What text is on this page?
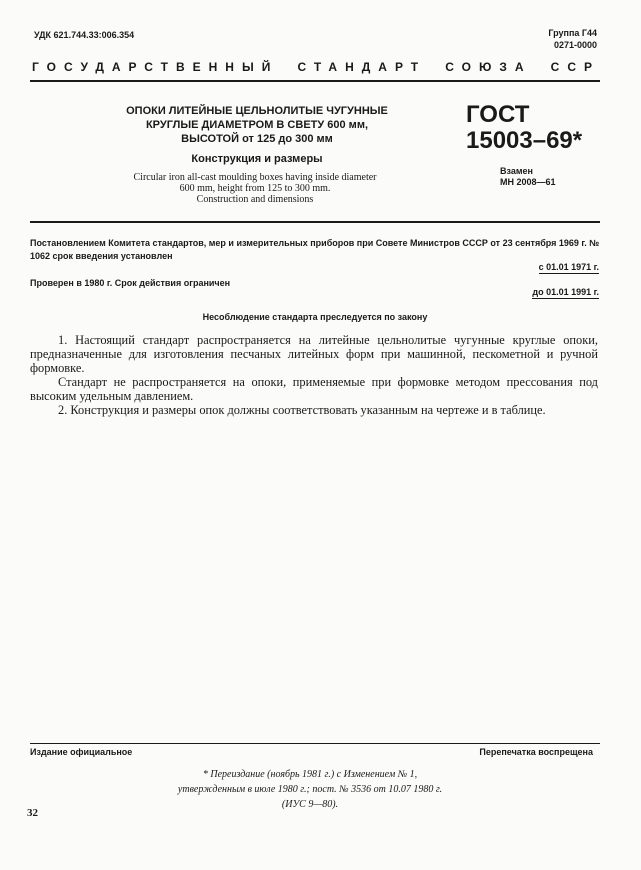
УДК 621.744.33:006.354	Группа Г44
0271-0000
ГОСУДАРСТВЕННЫЙ СТАНДАРТ СОЮЗА ССР
ОПОКИ ЛИТЕЙНЫЕ ЦЕЛЬНОЛИТЫЕ ЧУГУННЫЕ
КРУГЛЫЕ ДИАМЕТРОМ В СВЕТУ 600 мм,
ВЫСОТОЙ от 125 до 300 мм
Конструкция и размеры
Circular iron all-cast moulding boxes having inside diameter
600 mm, height from 125 to 300 mm.
Construction and dimensions
ГОСТ
15003–69*
Взамен
МН 2008—61
Постановлением Комитета стандартов, мер и измерительных приборов при Совете Министров СССР от 23 сентября 1969 г. № 1062 срок введения установлен
с 01.01 1971 г.
Проверен в 1980 г. Срок действия ограничен
до 01.01 1991 г.
Несоблюдение стандарта преследуется по закону

1. Настоящий стандарт распространяется на литейные цельнолитые чугунные круглые опоки, предназначенные для изготовления песчаных литейных форм при машинной, пескометной и ручной формовке.

Стандарт не распространяется на опоки, применяемые при формовке методом прессования под высоким удельным давлением.

2. Конструкция и размеры опок должны соответствовать указанным на чертеже и в таблице.

Издание официальное	Перепечатка воспрещена
* Переиздание (ноябрь 1981 г.) с Изменением № 1,
утвержденным в июле 1980 г.; пост. № 3536 от 10.07 1980 г.
(ИУС 9—80).
32
